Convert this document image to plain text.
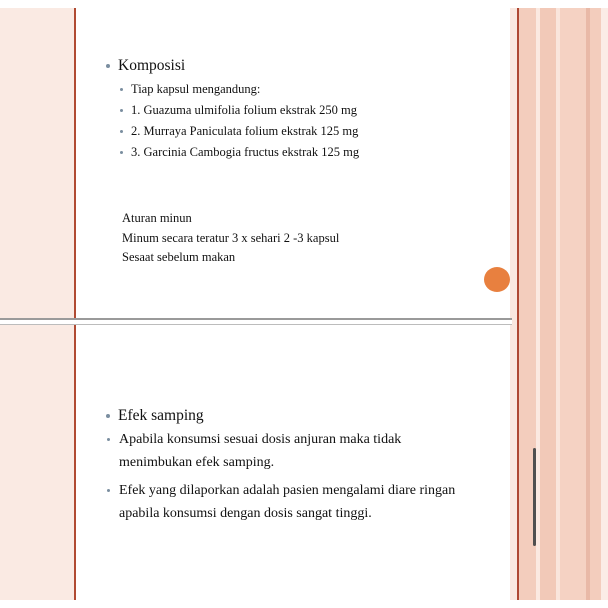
Komposisi
Tiap kapsul mengandung:
1. Guazuma ulmifolia folium ekstrak 250 mg
2. Murraya Paniculata folium ekstrak 125 mg
3. Garcinia Cambogia fructus ekstrak 125 mg
Aturan minun
Minum secara teratur 3 x sehari 2 -3 kapsul
Sesaat sebelum makan
Efek samping
Apabila konsumsi sesuai dosis anjuran maka tidak menimbukan efek samping.
Efek yang dilaporkan adalah pasien mengalami diare ringan apabila konsumsi dengan dosis sangat tinggi.
